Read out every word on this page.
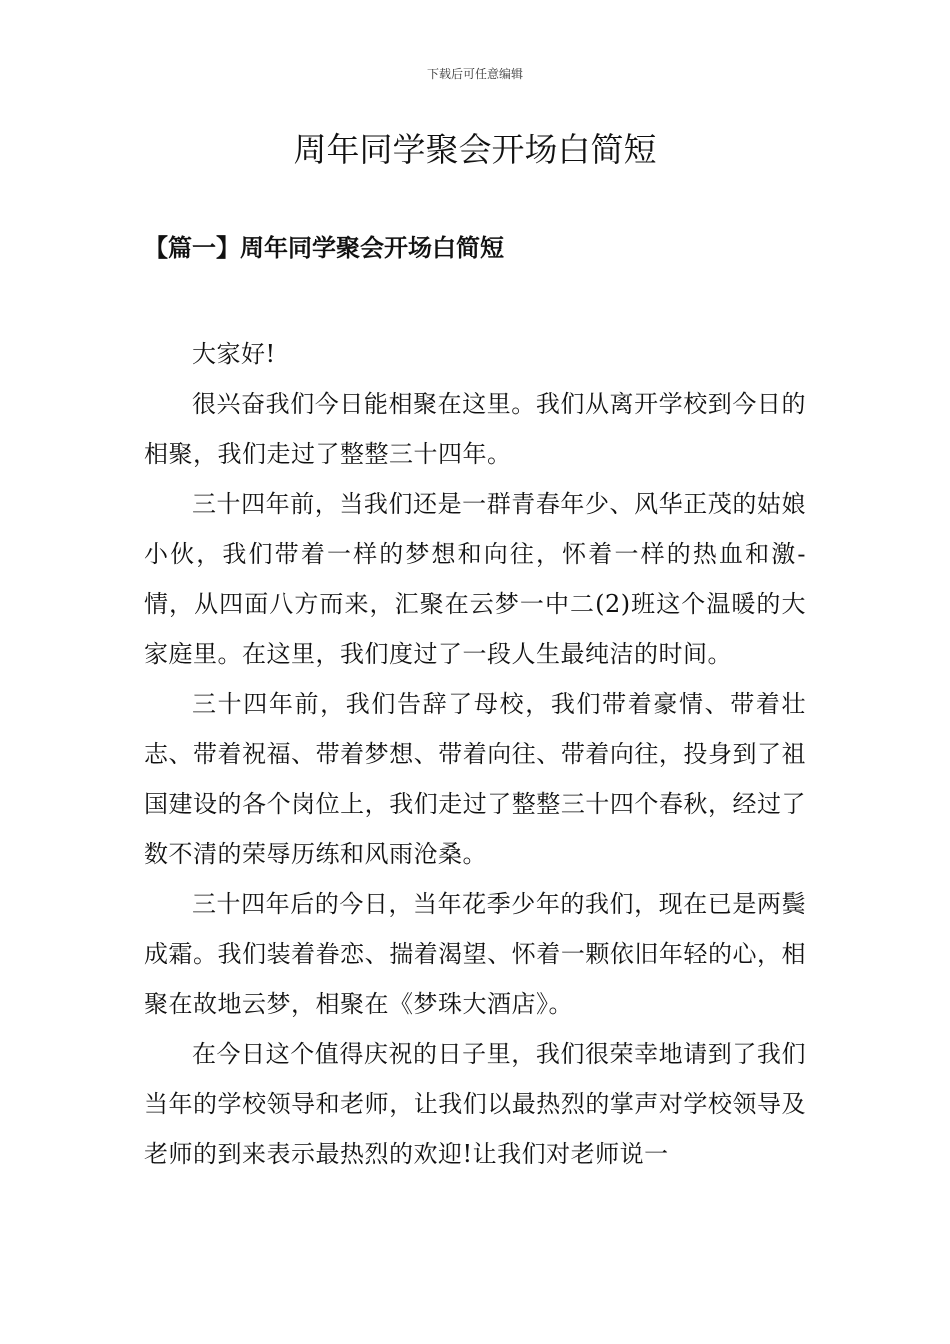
下载后可任意编辑
周年同学聚会开场白简短
【篇一】周年同学聚会开场白简短

大家好!

很兴奋我们今日能相聚在这里。我们从离开学校到今日的相聚，我们走过了整整三十四年。

三十四年前，当我们还是一群青春年少、风华正茂的姑娘小伙，我们带着一样的梦想和向往，怀着一样的热血和激-情，从四面八方而来，汇聚在云梦一中二(2)班这个温暖的大家庭里。在这里，我们度过了一段人生最纯洁的时间。

三十四年前，我们告辞了母校，我们带着豪情、带着壮志、带着祝福、带着梦想、带着向往、带着向往，投身到了祖国建设的各个岗位上，我们走过了整整三十四个春秋，经过了数不清的荣辱历练和风雨沧桑。

三十四年后的今日，当年花季少年的我们，现在已是两鬓成霜。我们装着眷恋、揣着渴望、怀着一颗依旧年轻的心，相聚在故地云梦，相聚在《梦珠大酒店》。

在今日这个值得庆祝的日子里，我们很荣幸地请到了我们当年的学校领导和老师，让我们以最热烈的掌声对学校领导及老师的到来表示最热烈的欢迎!让我们对老师说一
